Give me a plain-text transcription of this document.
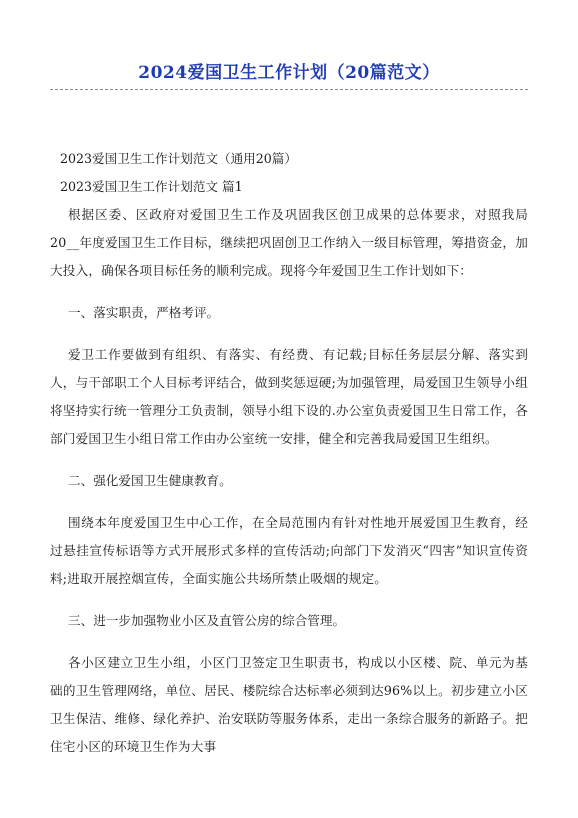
2024爱国卫生工作计划（20篇范文）

2023爱国卫生工作计划范文（通用20篇）

2023爱国卫生工作计划范文 篇1

根据区委、区政府对爱国卫生工作及巩固我区创卫成果的总体要求，对照我局20__年度爱国卫生工作目标，继续把巩固创卫工作纳入一级目标管理，筹措资金，加大投入，确保各项目标任务的顺利完成。现将今年爱国卫生工作计划如下：

一、落实职责，严格考评。

爱卫工作要做到有组织、有落实、有经费、有记载;目标任务层层分解、落实到人，与干部职工个人目标考评结合，做到奖惩逗硬;为加强管理，局爱国卫生领导小组将坚持实行统一管理分工负责制，领导小组下设的.办公室负责爱国卫生日常工作，各部门爱国卫生小组日常工作由办公室统一安排，健全和完善我局爱国卫生组织。

二、强化爱国卫生健康教育。

围绕本年度爱国卫生中心工作，在全局范围内有针对性地开展爱国卫生教育，经过悬挂宣传标语等方式开展形式多样的宣传活动;向部门下发消灭“四害”知识宣传资料;进取开展控烟宣传，全面实施公共场所禁止吸烟的规定。

三、进一步加强物业小区及直管公房的综合管理。

各小区建立卫生小组，小区门卫签定卫生职责书，构成以小区楼、院、单元为基础的卫生管理网络，单位、居民、楼院综合达标率必须到达96%以上。初步建立小区卫生保洁、维修、绿化养护、治安联防等服务体系，走出一条综合服务的新路子。把住宅小区的环境卫生作为大事
